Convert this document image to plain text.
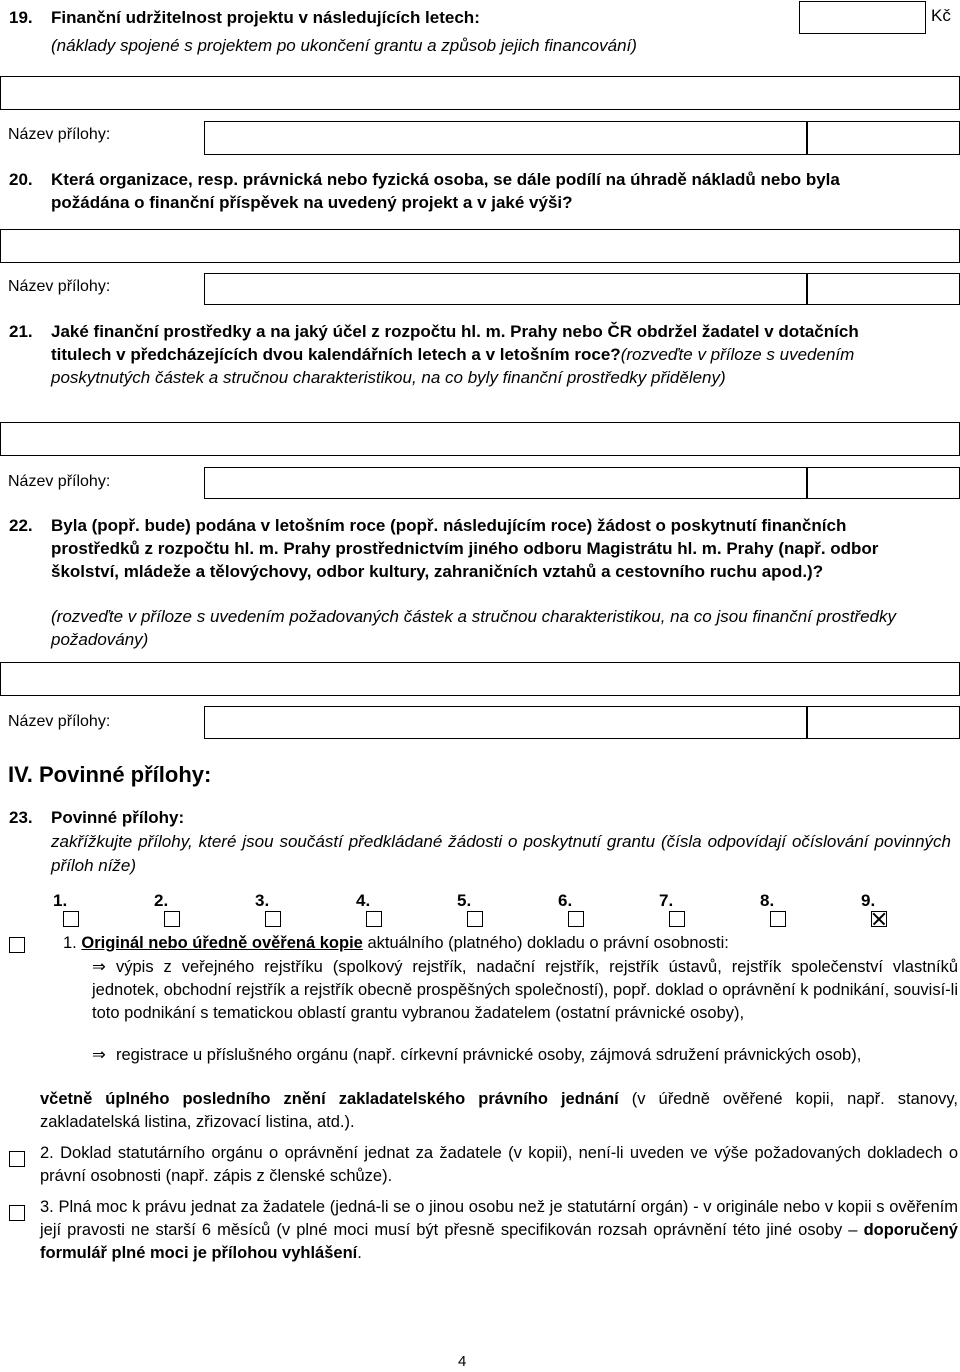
19. Finanční udržitelnost projektu v následujících letech:
(náklady spojené s projektem po ukončení grantu a způsob jejich financování)
Kč
Název přílohy:
20. Která organizace, resp. právnická nebo fyzická osoba, se dále podílí na úhradě nákladů nebo byla požádána o finanční příspěvek na uvedený projekt a v jaké výši?
Název přílohy:
21. Jaké finanční prostředky a na jaký účel z rozpočtu hl. m. Prahy nebo ČR obdržel žadatel v dotačních titulech v předcházejících dvou kalendářních letech a v letošním roce?(rozveďte v příloze s uvedením poskytnutých částek a stručnou charakteristikou, na co byly finanční prostředky přiděleny)
Název přílohy:
22. Byla (popř. bude) podána v letošním roce (popř. následujícím roce) žádost o poskytnutí finančních prostředků z rozpočtu hl. m. Prahy prostřednictvím jiného odboru Magistrátu hl. m. Prahy (např. odbor školství, mládeže a tělovýchovy, odbor kultury, zahraničních vztahů a cestovního ruchu apod.)?
(rozveďte v příloze s uvedením požadovaných částek a stručnou charakteristikou, na co jsou finanční prostředky požadovány)
Název přílohy:
IV. Povinné přílohy:
23. Povinné přílohy:
zakřížkujte přílohy, které jsou součástí předkládané žádosti o poskytnutí grantu (čísla odpovídají očíslování povinných příloh níže)
1.	2.	3.	4.	5.	6.	7.	8.	9.
1. Originál nebo úředně ověřená kopie aktuálního (platného) dokladu o právní osobnosti:
⇒ výpis z veřejného rejstříku (spolkový rejstřík, nadační rejstřík, rejstřík ústavů, rejstřík společenství vlastníků jednotek, obchodní rejstřík a rejstřík obecně prospěšných společností), popř. doklad o oprávnění k podnikání, souvisí-li toto podnikání s tematickou oblastí grantu vybranou žadatelem (ostatní právnické osoby),
⇒ registrace u příslušného orgánu (např. církevní právnické osoby, zájmová sdružení právnických osob),
včetně úplného posledního znění zakladatelského právního jednání (v úředně ověřené kopii, např. stanovy, zakladatelská listina, zřizovací listina, atd.).
2. Doklad statutárního orgánu o oprávnění jednat za žadatele (v kopii), není-li uveden ve výše požadovaných dokladech o právní osobnosti (např. zápis z členské schůze).
3. Plná moc k právu jednat za žadatele (jedná-li se o jinou osobu než je statutární orgán) - v originále nebo v kopii s ověřením její pravosti ne starší 6 měsíců (v plné moci musí být přesně specifikován rozsah oprávnění této jiné osoby – doporučený formulář plné moci je přílohou vyhlášení.
4
